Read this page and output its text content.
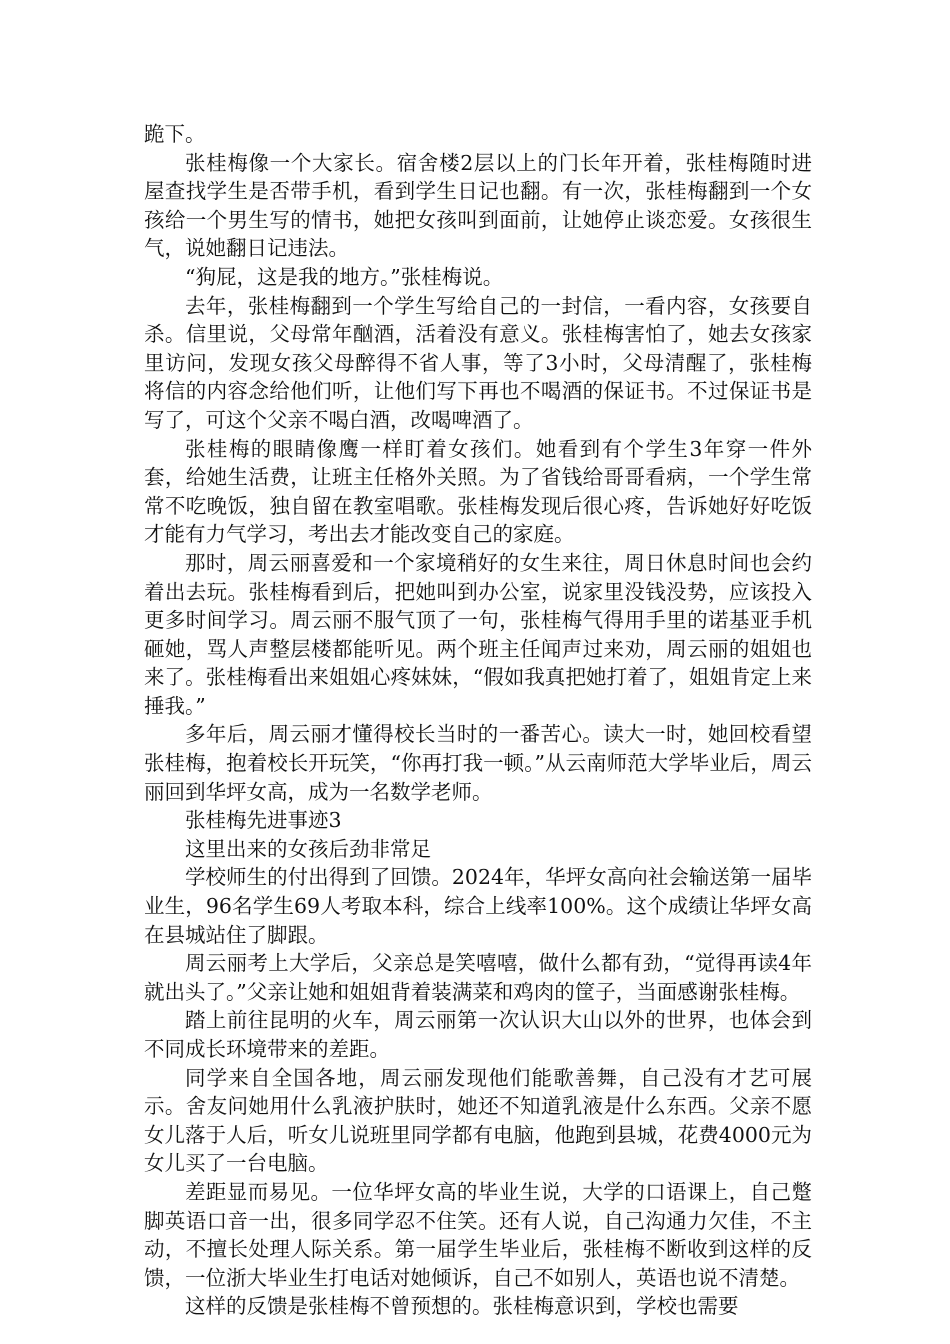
跪下。

张桂梅像一个大家长。宿舍楼2层以上的门长年开着，张桂梅随时进屋查找学生是否带手机，看到学生日记也翻。有一次，张桂梅翻到一个女孩给一个男生写的情书，她把女孩叫到面前，让她停止谈恋爱。女孩很生气，说她翻日记违法。

“狗屁，这是我的地方。”张桂梅说。

去年，张桂梅翻到一个学生写给自己的一封信，一看内容，女孩要自杀。信里说，父母常年酗酒，活着没有意义。张桂梅害怕了，她去女孩家里访问，发现女孩父母醉得不省人事，等了3小时，父母清醒了，张桂梅将信的内容念给他们听，让他们写下再也不喝酒的保证书。不过保证书是写了，可这个父亲不喝白酒，改喝啤酒了。

张桂梅的眼睛像鹰一样盯着女孩们。她看到有个学生3年穿一件外套，给她生活费，让班主任格外关照。为了省钱给哥哥看病，一个学生常常不吃晚饭，独自留在教室唱歌。张桂梅发现后很心疼，告诉她好好吃饭才能有力气学习，考出去才能改变自己的家庭。

那时，周云丽喜爱和一个家境稍好的女生来往，周日休息时间也会约着出去玩。张桂梅看到后，把她叫到办公室，说家里没钱没势，应该投入更多时间学习。周云丽不服气顶了一句，张桂梅气得用手里的诺基亚手机砸她，骂人声整层楼都能听见。两个班主任闻声过来劝，周云丽的姐姐也来了。张桂梅看出来姐姐心疼妹妹，“假如我真把她打着了，姐姐肯定上来捶我。”

多年后，周云丽才懂得校长当时的一番苦心。读大一时，她回校看望张桂梅，抱着校长开玩笑，“你再打我一顿。”从云南师范大学毕业后，周云丽回到华坪女高，成为一名数学老师。

张桂梅先进事迹3

这里出来的女孩后劲非常足

学校师生的付出得到了回馈。2024年，华坪女高向社会输送第一届毕业生，96名学生69人考取本科，综合上线率100%。这个成绩让华坪女高在县城站住了脚跟。

周云丽考上大学后，父亲总是笑嘻嘻，做什么都有劲，“觉得再读4年就出头了。”父亲让她和姐姐背着装满菜和鸡肉的筐子，当面感谢张桂梅。

踏上前往昆明的火车，周云丽第一次认识大山以外的世界，也体会到不同成长环境带来的差距。

同学来自全国各地，周云丽发现他们能歌善舞，自己没有才艺可展示。舍友问她用什么乳液护肤时，她还不知道乳液是什么东西。父亲不愿女儿落于人后，听女儿说班里同学都有电脑，他跑到县城，花费4000元为女儿买了一台电脑。

差距显而易见。一位华坪女高的毕业生说，大学的口语课上，自己蹩脚英语口音一出，很多同学忍不住笑。还有人说，自己沟通力欠佳，不主动，不擅长处理人际关系。第一届学生毕业后，张桂梅不断收到这样的反馈，一位浙大毕业生打电话对她倾诉，自己不如别人，英语也说不清楚。

这样的反馈是张桂梅不曾预想的。张桂梅意识到，学校也需要
